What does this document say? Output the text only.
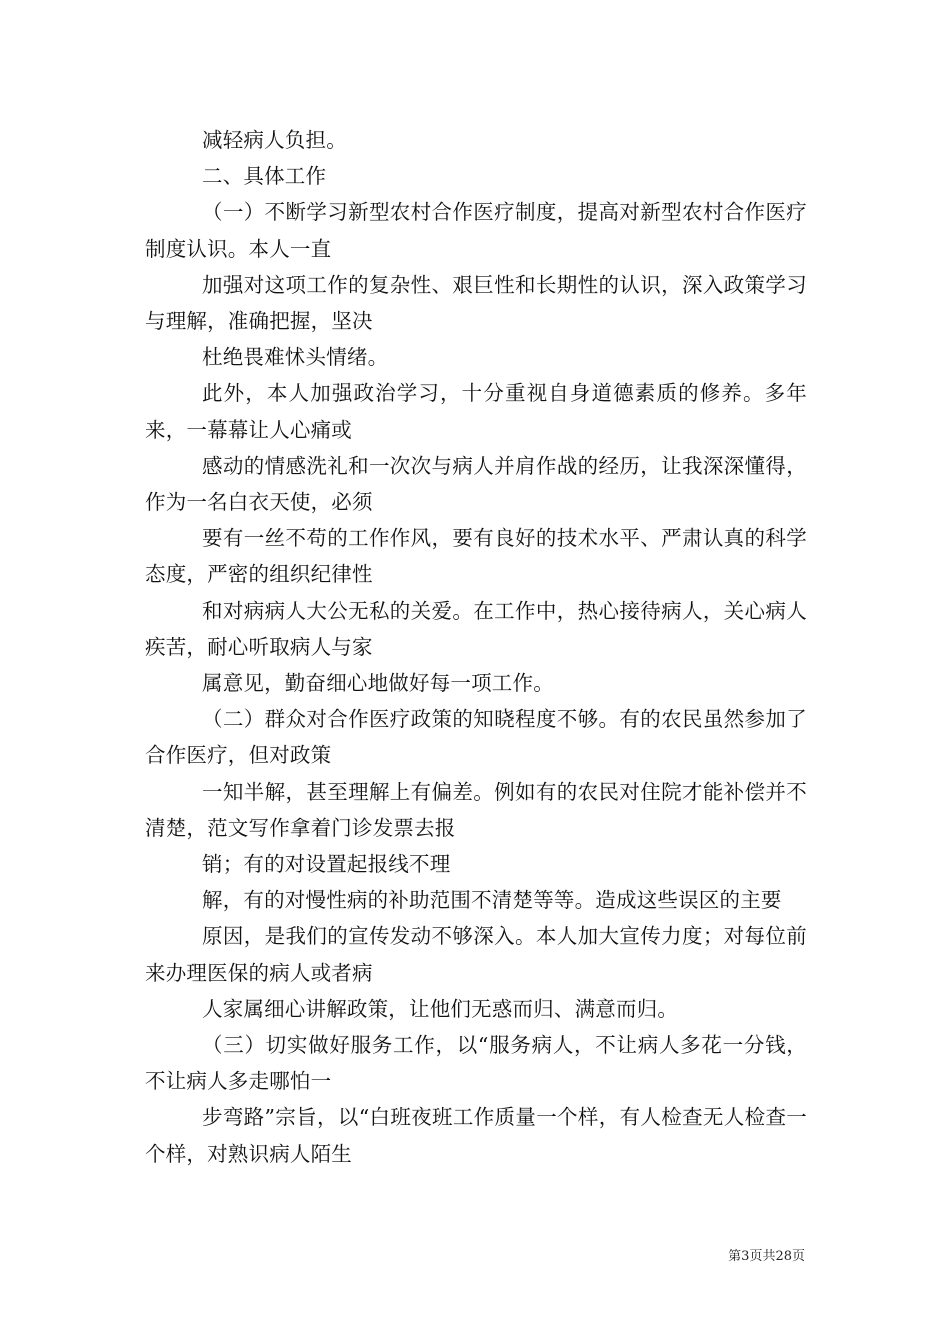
减轻病人负担。

二、具体工作

（一）不断学习新型农村合作医疗制度，提高对新型农村合作医疗制度认识。本人一直

加强对这项工作的复杂性、艰巨性和长期性的认识，深入政策学习与理解，准确把握，坚决

杜绝畏难怵头情绪。

此外，本人加强政治学习，十分重视自身道德素质的修养。多年来，一幕幕让人心痛或

感动的情感洗礼和一次次与病人并肩作战的经历，让我深深懂得，作为一名白衣天使，必须

要有一丝不苟的工作作风，要有良好的技术水平、严肃认真的科学态度，严密的组织纪律性

和对病病人大公无私的关爱。在工作中，热心接待病人，关心病人疾苦，耐心听取病人与家

属意见，勤奋细心地做好每一项工作。

（二）群众对合作医疗政策的知晓程度不够。有的农民虽然参加了合作医疗，但对政策

一知半解，甚至理解上有偏差。例如有的农民对住院才能补偿并不清楚，范文写作拿着门诊发票去报

销；有的对设置起报线不理

解，有的对慢性病的补助范围不清楚等等。造成这些误区的主要

原因，是我们的宣传发动不够深入。本人加大宣传力度；对每位前来办理医保的病人或者病

人家属细心讲解政策，让他们无惑而归、满意而归。

（三）切实做好服务工作，以“服务病人，不让病人多花一分钱，不让病人多走哪怕一

步弯路”宗旨，以“白班夜班工作质量一个样，有人检查无人检查一个样，对熟识病人陌生

第3页共28页
